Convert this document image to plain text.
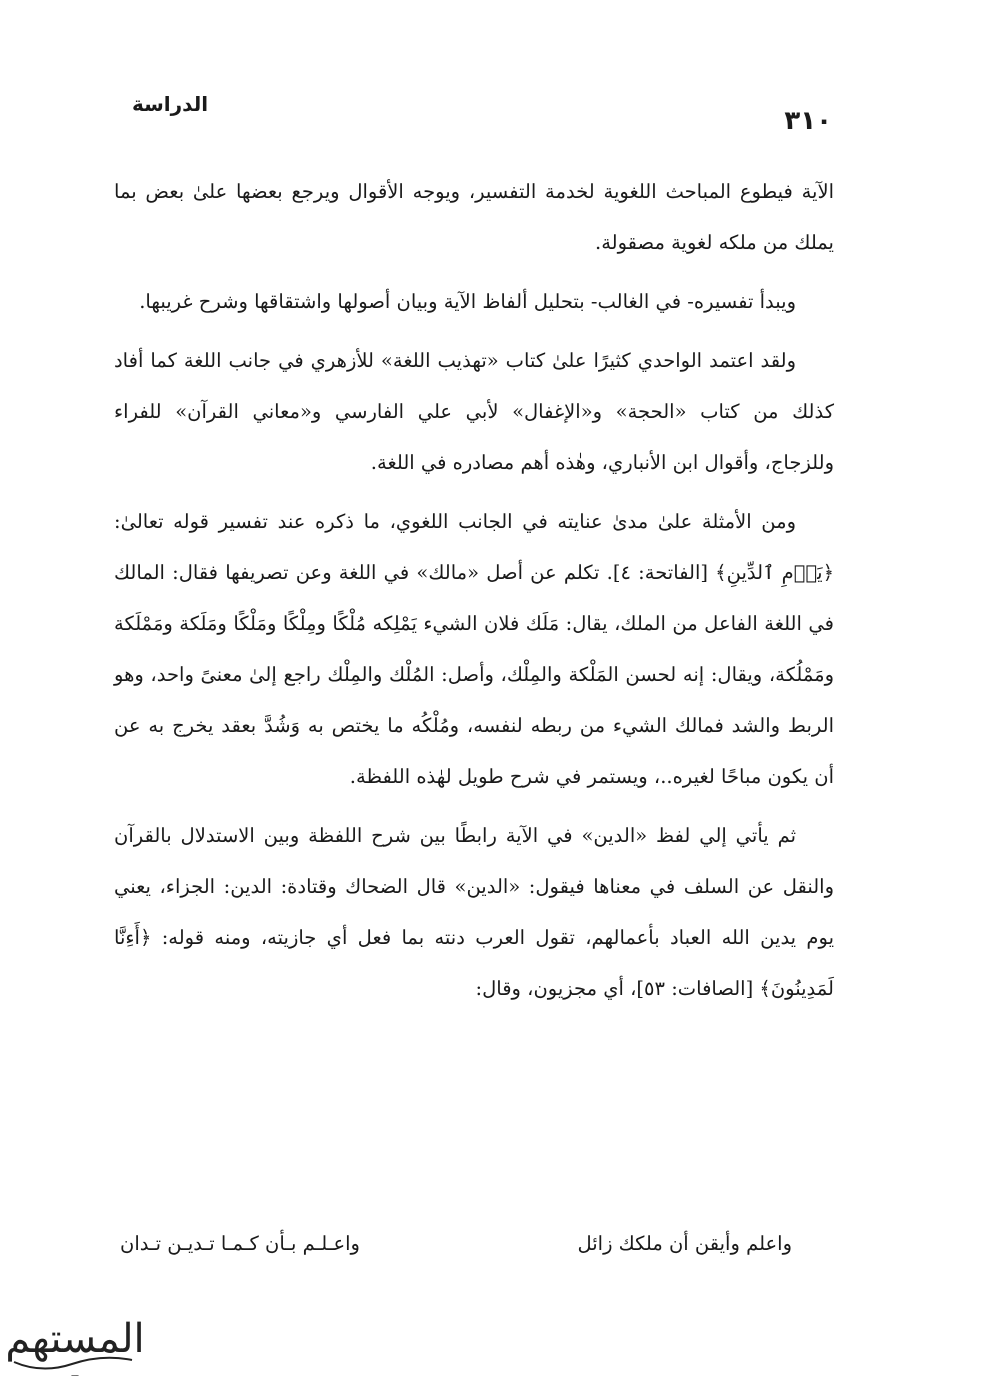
الدراسة
٣١٠

الآية فيطوع المباحث اللغوية لخدمة التفسير، ويوجه الأقوال ويرجع بعضها علىٰ بعض بما يملك من ملكه لغوية مصقولة.

ويبدأ تفسيره- في الغالب- بتحليل ألفاظ الآية وبيان أصولها واشتقاقها وشرح غريبها.

ولقد اعتمد الواحدي كثيرًا علىٰ كتاب «تهذيب اللغة» للأزهري في جانب اللغة كما أفاد كذلك من كتاب «الحجة» و«الإغفال» لأبي علي الفارسي و«معاني القرآن» للفراء وللزجاج، وأقوال ابن الأنباري، وهٰذه أهم مصادره في اللغة.

ومن الأمثلة علىٰ مدىٰ عنايته في الجانب اللغوي، ما ذكره عند تفسير قوله تعالىٰ: ﴿يَوۡمِ ٱلدِّينِ﴾ [الفاتحة: ٤]. تكلم عن أصل «مالك» في اللغة وعن تصريفها فقال: المالك في اللغة الفاعل من الملك، يقال: مَلَك فلان الشيء يَمْلِكه مُلْكًا ومِلْكًا ومَلْكًا ومَلَكة ومَمْلَكة ومَمْلُكة، ويقال: إنه لحسن المَلْكة والمِلْك، وأصل: المُلْك والمِلْك راجع إلىٰ معنىً واحد، وهو الربط والشد فمالك الشيء من ربطه لنفسه، ومُلْكُه ما يختص به وَشُدَّ بعقد يخرج به عن أن يكون مباحًا لغيره..، ويستمر في شرح طويل لهٰذه اللفظة.

ثم يأتي إلي لفظ «الدين» في الآية رابطًا بين شرح اللفظة وبين الاستدلال بالقرآن والنقل عن السلف في معناها فيقول: «الدين» قال الضحاك وقتادة: الدين: الجزاء، يعني يوم يدين الله العباد بأعمالهم، تقول العرب دنته بما فعل أي جازيته، ومنه قوله: ﴿أَءِنَّا لَمَدِينُونَ﴾ [الصافات: ٥٣]، أي مجزيون، وقال:

واعلم وأيقن أن ملكك زائل
واعـلـم بـأن كـمـا تـديـن تـدان
المستهم
ـــ
